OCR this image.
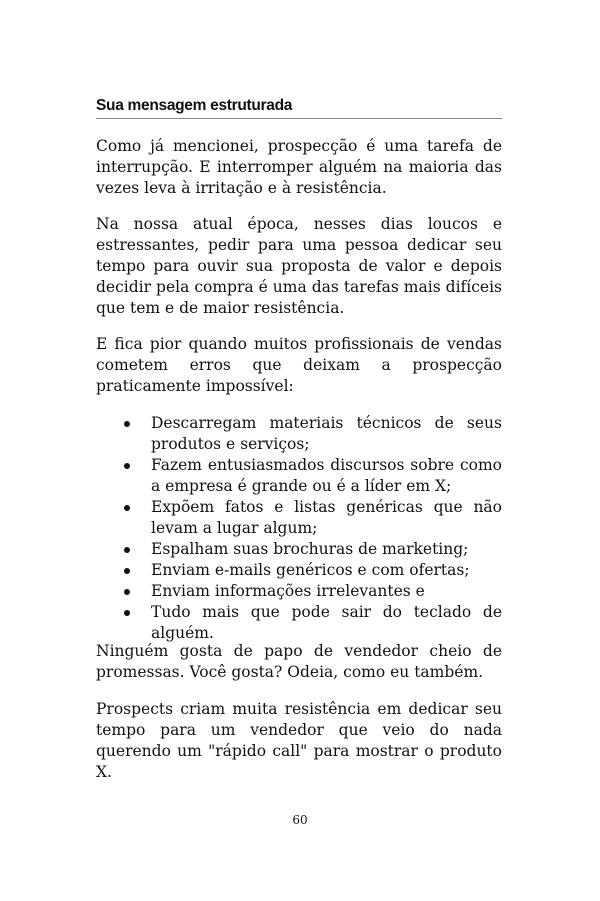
Sua mensagem estruturada

Como já mencionei, prospecção é uma tarefa de interrupção. E interromper alguém na maioria das vezes leva à irritação e à resistência.

Na nossa atual época, nesses dias loucos e estressantes, pedir para uma pessoa dedicar seu tempo para ouvir sua proposta de valor e depois decidir pela compra é uma das tarefas mais difíceis que tem e de maior resistência.

E fica pior quando muitos profissionais de vendas cometem erros que deixam a prospecção praticamente impossível:

Descarregam materiais técnicos de seus produtos e serviços;
Fazem entusiasmados discursos sobre como a empresa é grande ou é a líder em X;
Expõem fatos e listas genéricas que não levam a lugar algum;
Espalham suas brochuras de marketing;
Enviam e-mails genéricos e com ofertas;
Enviam informações irrelevantes e
Tudo mais que pode sair do teclado de alguém.

Ninguém gosta de papo de vendedor cheio de promessas. Você gosta? Odeia, como eu também.

Prospects criam muita resistência em dedicar seu tempo para um vendedor que veio do nada querendo um "rápido call" para mostrar o produto X.

60
